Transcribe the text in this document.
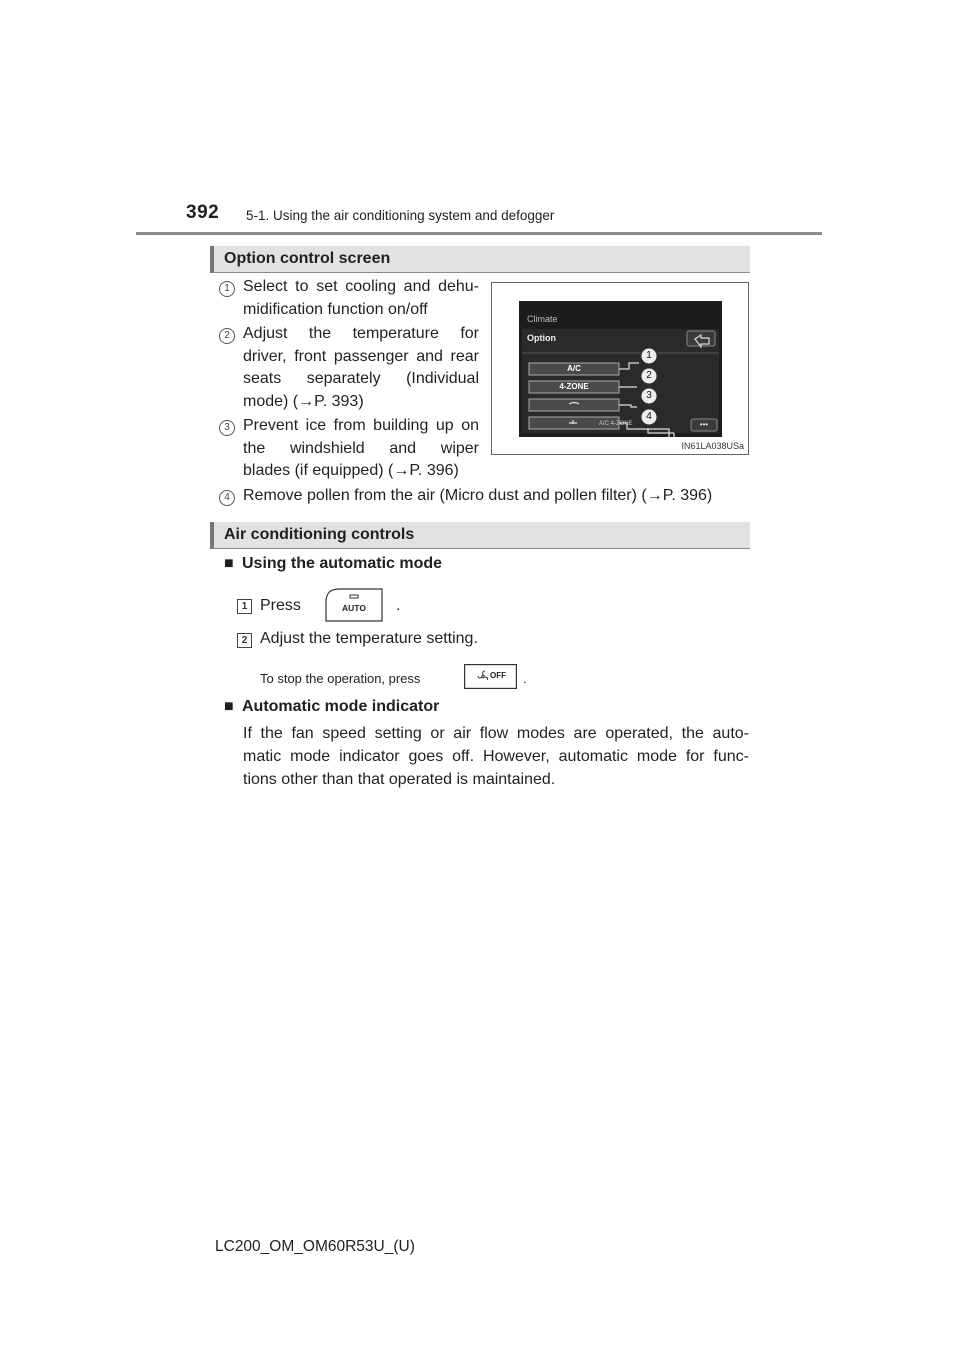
392 5-1. Using the air conditioning system and defogger
Option control screen
1 Select to set cooling and dehu-
midification function on/off
2 Adjust the temperature for
driver, front passenger and rear
seats separately (Individual
mode) (→P. 393)
3 Prevent ice from building up on
the windshield and wiper
blades (if equipped) (→P. 396)
4 Remove pollen from the air (Micro dust and pollen filter) (→P. 396)
Climate
Option
A/C
4-ZONE
1
2
3
4
A/C 4-ZONE	•••
IN61LA038USa
Air conditioning controls
■ Using the automatic mode
1 Press	AUTO	.
2 Adjust the temperature setting.
To stop the operation, press	OFF .
■ Automatic mode indicator
If the fan speed setting or air flow modes are operated, the auto-
matic mode indicator goes off. However, automatic mode for func-
tions other than that operated is maintained.
LC200_OM_OM60R53U_(U)
